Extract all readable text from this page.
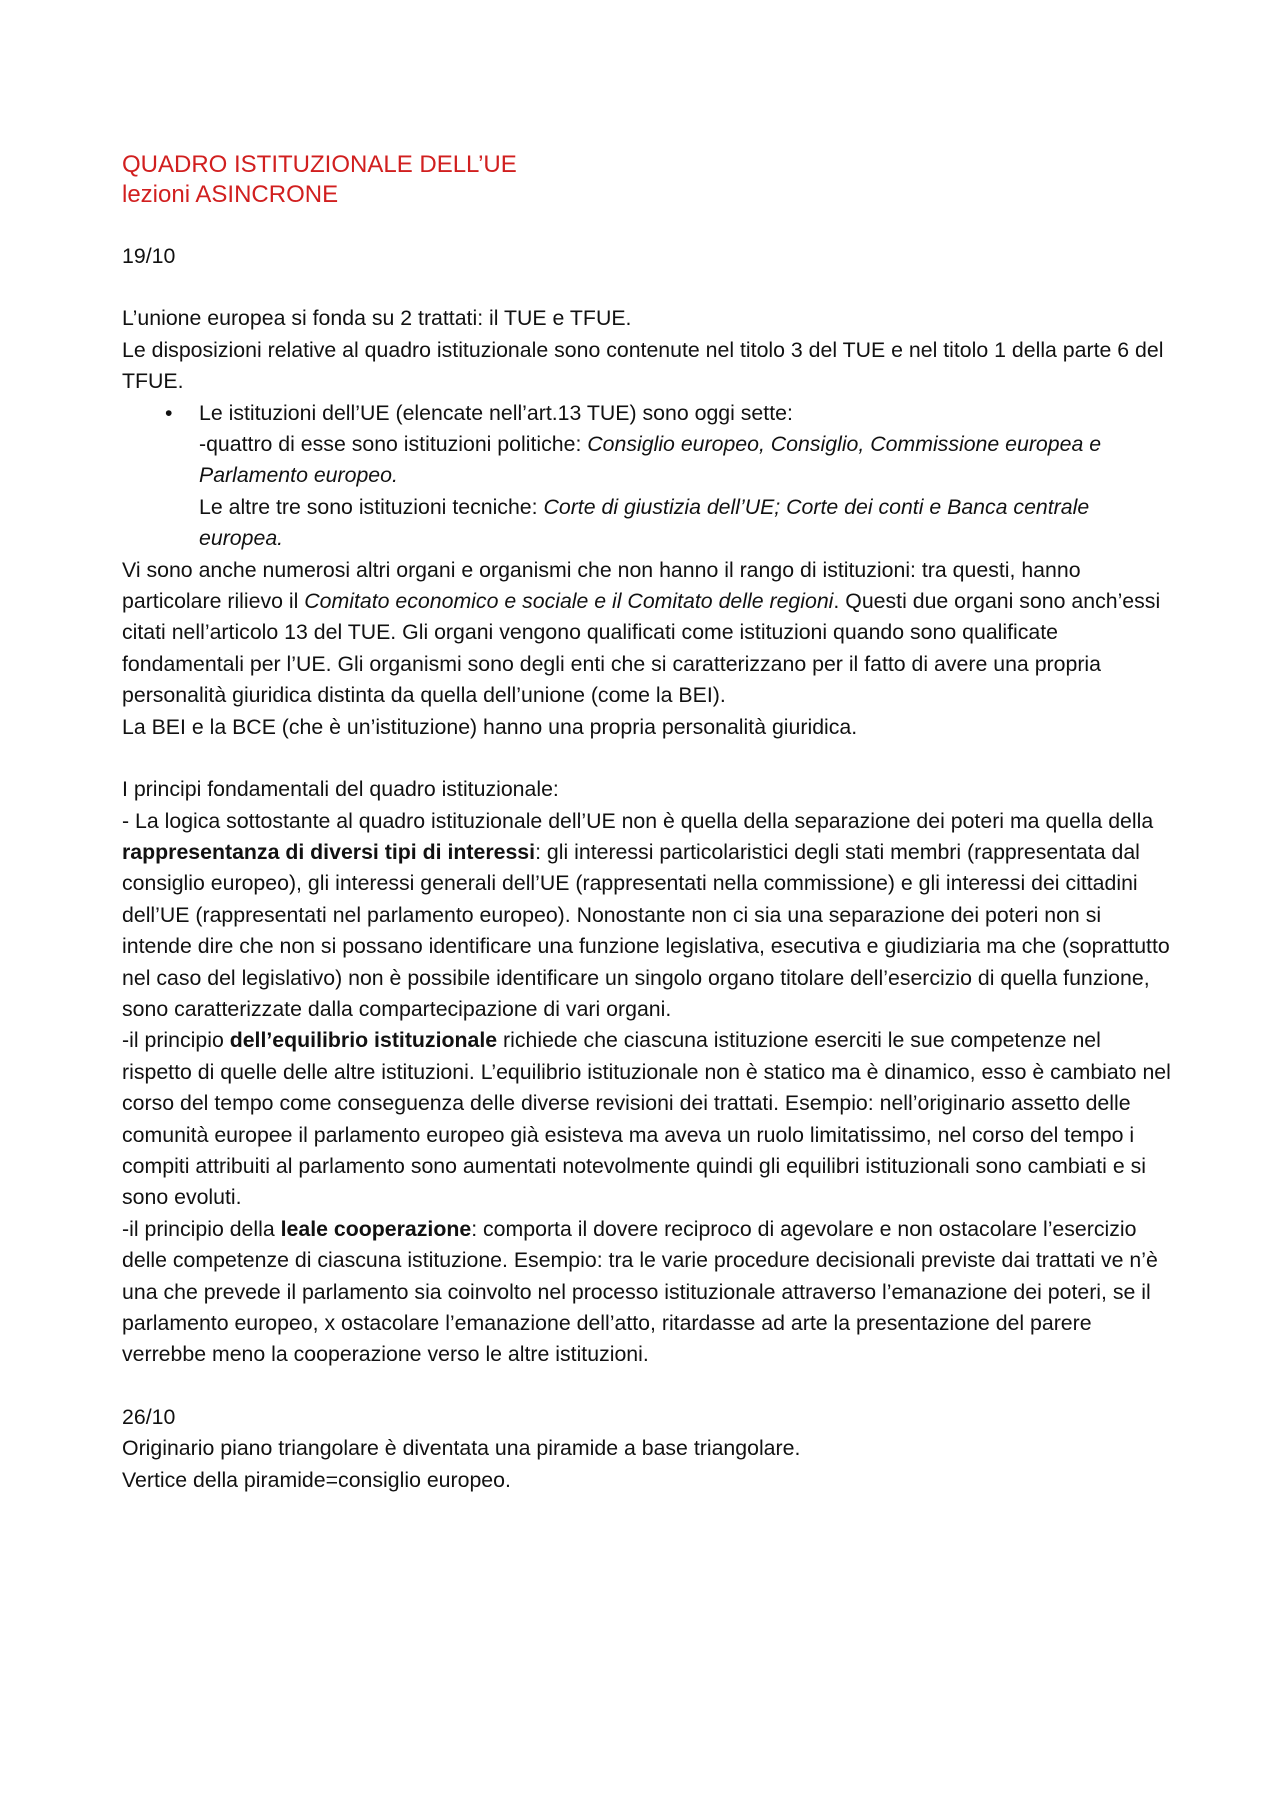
QUADRO ISTITUZIONALE DELL’UE
lezioni ASINCRONE

19/10

L’unione europea si fonda su 2 trattati: il TUE e TFUE.

Le disposizioni relative al quadro istituzionale sono contenute nel titolo 3 del TUE e nel titolo 1 della parte 6 del TFUE.

• Le istituzioni dell’UE (elencate nell’art.13 TUE) sono oggi sette:
-quattro di esse sono istituzioni politiche: Consiglio europeo, Consiglio, Commissione europea e Parlamento europeo.
Le altre tre sono istituzioni tecniche: Corte di giustizia dell’UE; Corte dei conti e Banca centrale europea.

Vi sono anche numerosi altri organi e organismi che non hanno il rango di istituzioni: tra questi, hanno particolare rilievo il Comitato economico e sociale e il Comitato delle regioni. Questi due organi sono anch’essi citati nell’articolo 13 del TUE. Gli organi vengono qualificati come istituzioni quando sono qualificate fondamentali per l’UE. Gli organismi sono degli enti che si caratterizzano per il fatto di avere una propria personalità giuridica distinta da quella dell’unione (come la BEI).

La BEI e la BCE (che è un’istituzione) hanno una propria personalità giuridica.

I principi fondamentali del quadro istituzionale:

- La logica sottostante al quadro istituzionale dell’UE non è quella della separazione dei poteri ma quella della rappresentanza di diversi tipi di interessi: gli interessi particolaristici degli stati membri (rappresentata dal consiglio europeo), gli interessi generali dell’UE (rappresentati nella commissione) e gli interessi dei cittadini dell’UE (rappresentati nel parlamento europeo). Nonostante non ci sia una separazione dei poteri non si intende dire che non si possano identificare una funzione legislativa, esecutiva e giudiziaria ma che (soprattutto nel caso del legislativo) non è possibile identificare un singolo organo titolare dell’esercizio di quella funzione, sono caratterizzate dalla compartecipazione di vari organi.

-il principio dell’equilibrio istituzionale richiede che ciascuna istituzione eserciti le sue competenze nel rispetto di quelle delle altre istituzioni. L’equilibrio istituzionale non è statico ma è dinamico, esso è cambiato nel corso del tempo come conseguenza delle diverse revisioni dei trattati. Esempio: nell’originario assetto delle comunità europee il parlamento europeo già esisteva ma aveva un ruolo limitatissimo, nel corso del tempo i compiti attribuiti al parlamento sono aumentati notevolmente quindi gli equilibri istituzionali sono cambiati e si sono evoluti.

-il principio della leale cooperazione: comporta il dovere reciproco di agevolare e non ostacolare l’esercizio delle competenze di ciascuna istituzione. Esempio: tra le varie procedure decisionali previste dai trattati ve n’è una che prevede il parlamento sia coinvolto nel processo istituzionale attraverso l’emanazione dei poteri, se il parlamento europeo, x ostacolare l’emanazione dell’atto, ritardasse ad arte la presentazione del parere verrebbe meno la cooperazione verso le altre istituzioni.

26/10

Originario piano triangolare è diventata una piramide a base triangolare.

Vertice della piramide=consiglio europeo.
